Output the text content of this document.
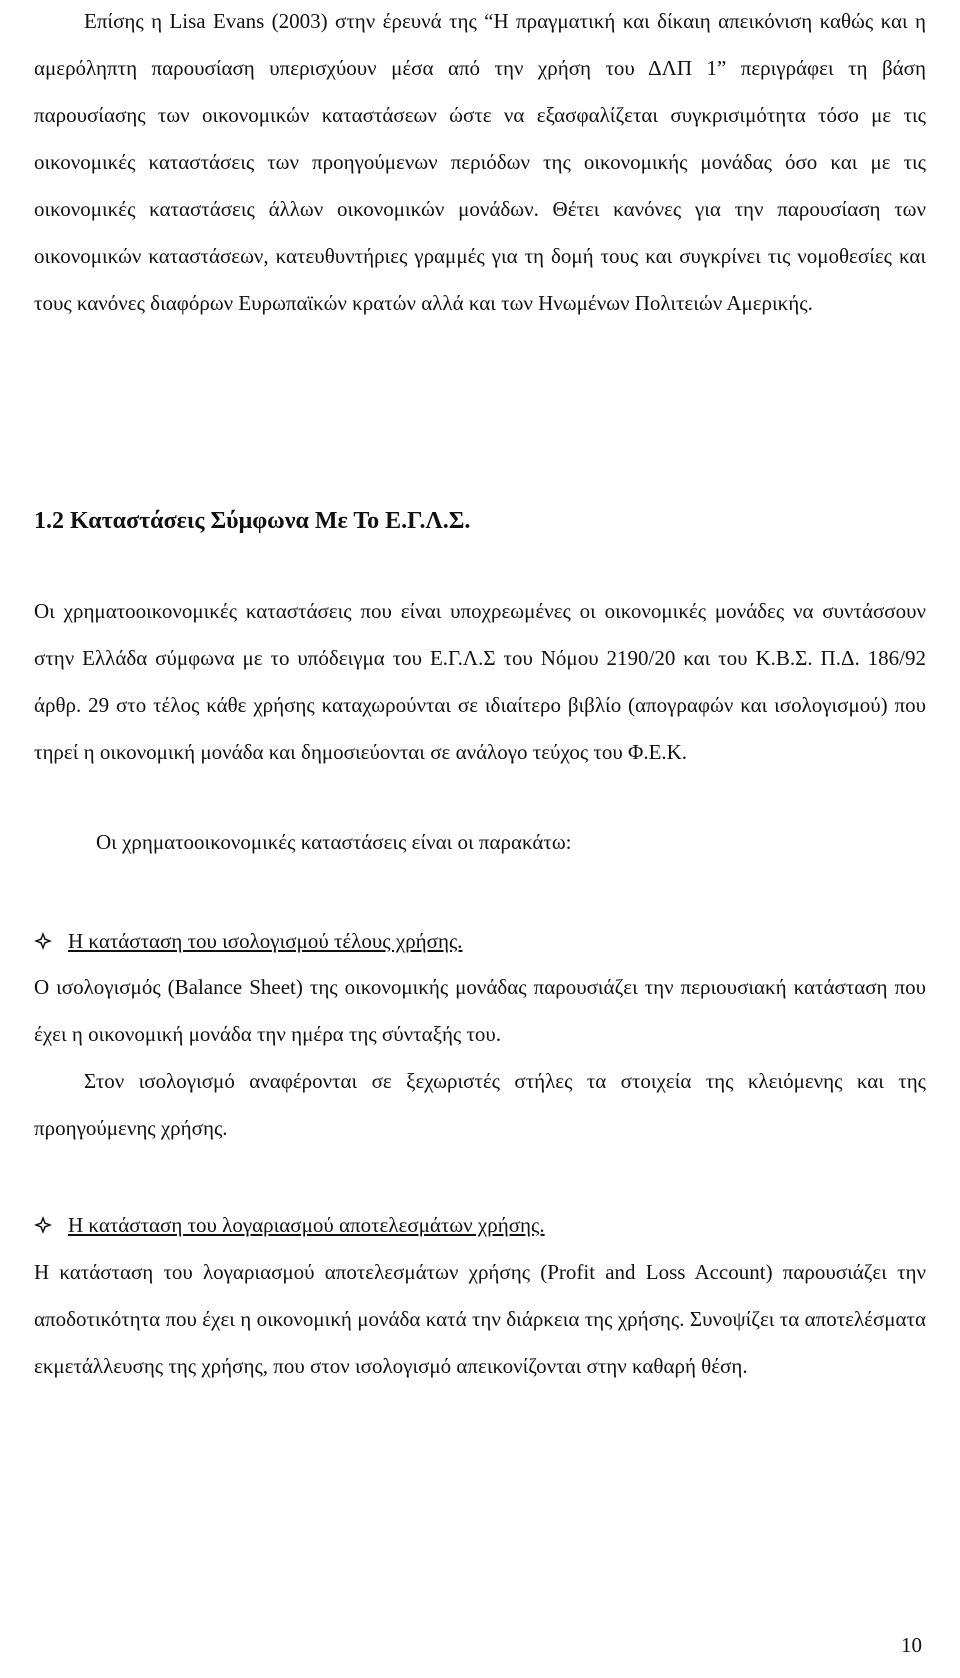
Επίσης η Lisa Evans (2003) στην έρευνά της “Η πραγματική και δίκαιη απεικόνιση καθώς και η αμερόληπτη παρουσίαση υπερισχύουν μέσα από την χρήση του ΔΛΠ 1” περιγράφει τη βάση παρουσίασης των οικονομικών καταστάσεων ώστε να εξασφαλίζεται συγκρισιμότητα τόσο με τις οικονομικές καταστάσεις των προηγούμενων περιόδων της οικονομικής μονάδας όσο και με τις οικονομικές καταστάσεις άλλων οικονομικών μονάδων. Θέτει κανόνες για την παρουσίαση των οικονομικών καταστάσεων, κατευθυντήριες γραμμές για τη δομή τους και συγκρίνει τις νομοθεσίες και τους κανόνες διαφόρων Ευρωπαϊκών κρατών αλλά και των Ηνωμένων Πολιτειών Αμερικής.

1.2 Καταστάσεις Σύμφωνα Με Το Ε.Γ.Λ.Σ.

Οι χρηματοοικονομικές καταστάσεις που είναι υποχρεωμένες οι οικονομικές μονάδες να συντάσσουν στην Ελλάδα σύμφωνα με το υπόδειγμα του Ε.Γ.Λ.Σ του Νόμου 2190/20 και του Κ.Β.Σ. Π.Δ. 186/92 άρθρ. 29 στο τέλος κάθε χρήσης καταχωρούνται σε ιδιαίτερο βιβλίο (απογραφών και ισολογισμού) που τηρεί η οικονομική μονάδα και δημοσιεύονται σε ανάλογο τεύχος του Φ.Ε.Κ.

Οι χρηματοοικονομικές καταστάσεις είναι οι παρακάτω:
Η κατάσταση του ισολογισμού τέλους χρήσης.

Ο ισολογισμός (Balance Sheet) της οικονομικής μονάδας παρουσιάζει την περιουσιακή κατάσταση που έχει η οικονομική μονάδα την ημέρα της σύνταξής του.

Στον ισολογισμό αναφέρονται σε ξεχωριστές στήλες τα στοιχεία της κλειόμενης και της προηγούμενης χρήσης.

Η κατάσταση του λογαριασμού αποτελεσμάτων χρήσης.

Η κατάσταση του λογαριασμού αποτελεσμάτων χρήσης (Profit and Loss Account) παρουσιάζει την αποδοτικότητα που έχει η οικονομική μονάδα κατά την διάρκεια της χρήσης. Συνοψίζει τα αποτελέσματα εκμετάλλευσης της χρήσης, που στον ισολογισμό απεικονίζονται στην καθαρή θέση.

10
